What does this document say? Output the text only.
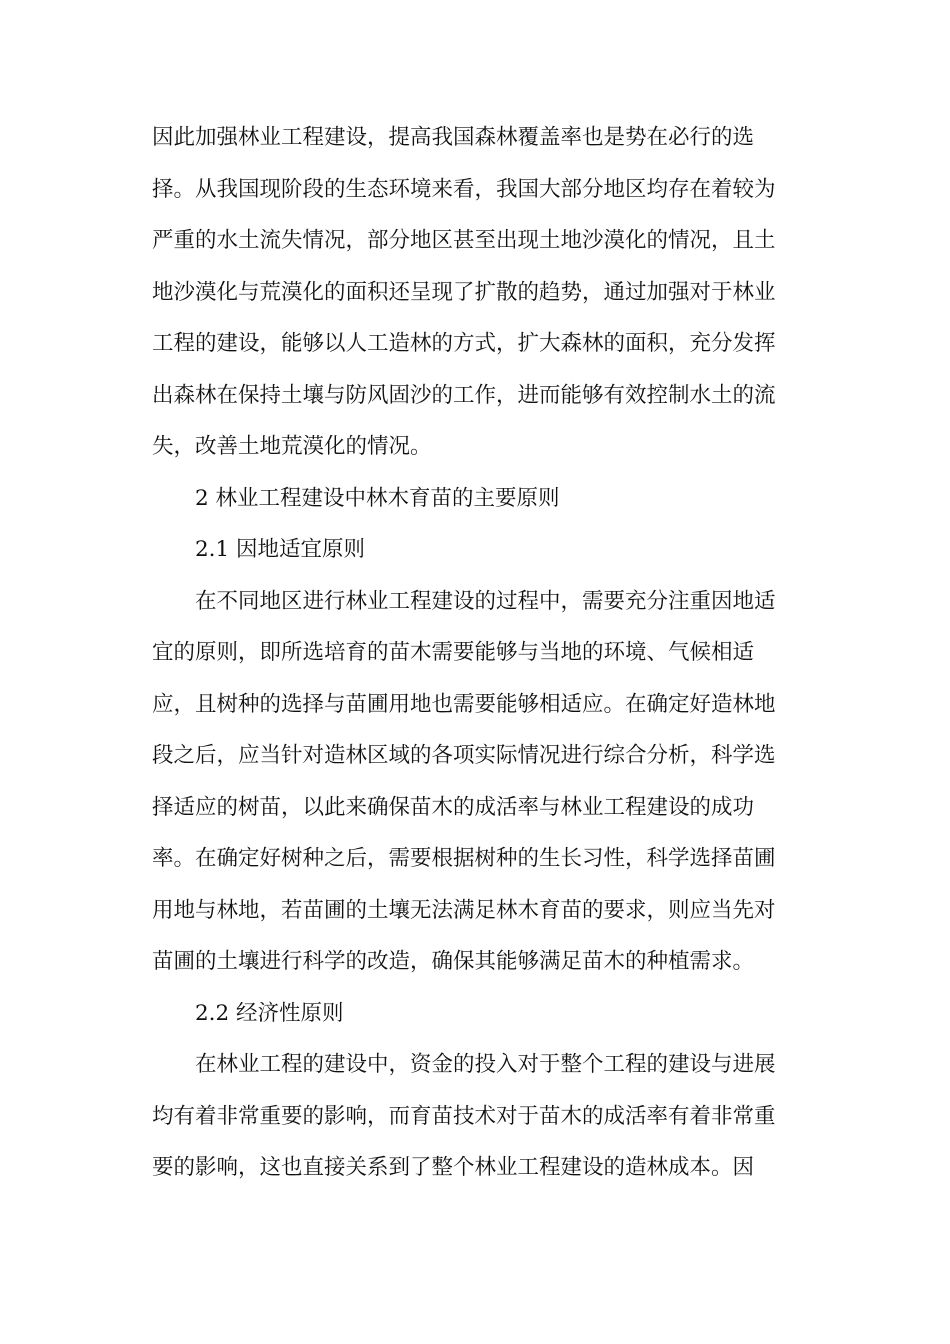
因此加强林业工程建设，提高我国森林覆盖率也是势在必行的选
择。从我国现阶段的生态环境来看，我国大部分地区均存在着较为
严重的水土流失情况，部分地区甚至出现土地沙漠化的情况，且土
地沙漠化与荒漠化的面积还呈现了扩散的趋势，通过加强对于林业
工程的建设，能够以人工造林的方式，扩大森林的面积，充分发挥
出森林在保持土壤与防风固沙的工作，进而能够有效控制水土的流
失，改善土地荒漠化的情况。
2 林业工程建设中林木育苗的主要原则
2.1 因地适宜原则
在不同地区进行林业工程建设的过程中，需要充分注重因地适
宜的原则，即所选培育的苗木需要能够与当地的环境、气候相适
应，且树种的选择与苗圃用地也需要能够相适应。在确定好造林地
段之后，应当针对造林区域的各项实际情况进行综合分析，科学选
择适应的树苗，以此来确保苗木的成活率与林业工程建设的成功
率。在确定好树种之后，需要根据树种的生长习性，科学选择苗圃
用地与林地，若苗圃的土壤无法满足林木育苗的要求，则应当先对
苗圃的土壤进行科学的改造，确保其能够满足苗木的种植需求。
2.2 经济性原则
在林业工程的建设中，资金的投入对于整个工程的建设与进展
均有着非常重要的影响，而育苗技术对于苗木的成活率有着非常重
要的影响，这也直接关系到了整个林业工程建设的造林成本。因
